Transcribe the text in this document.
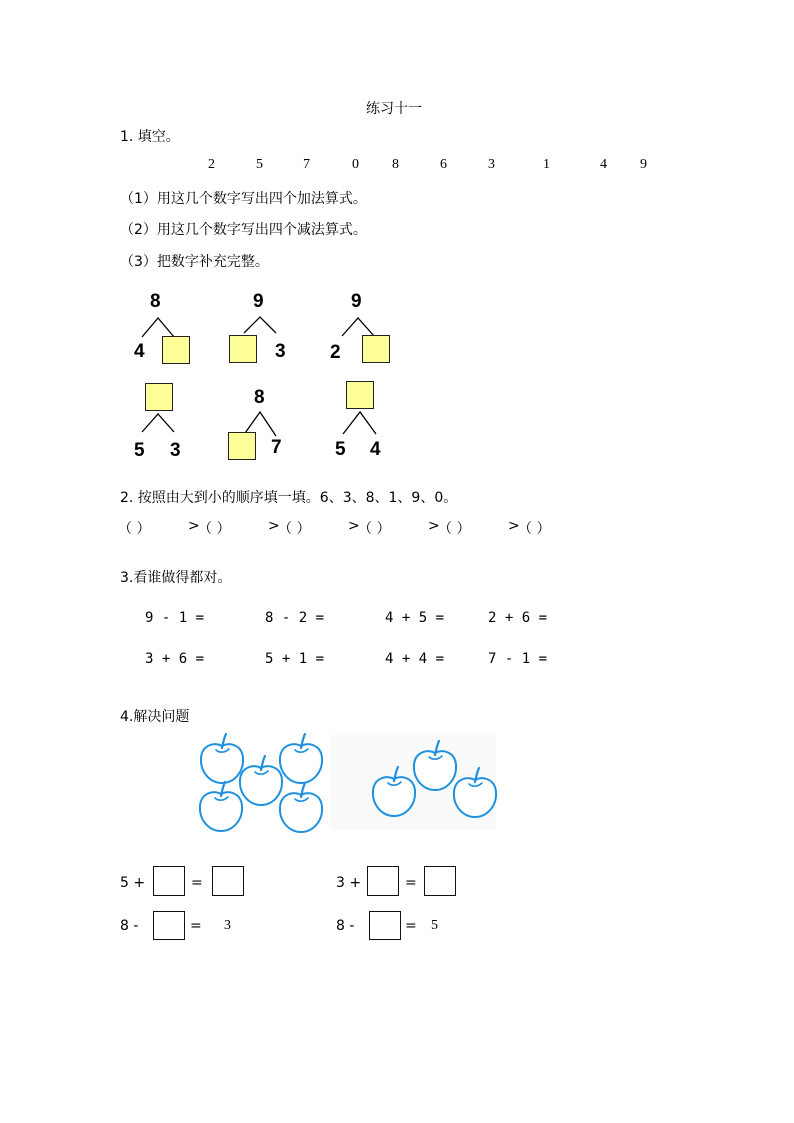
练习十一
1. 填空。
2	5	7	0 8	6	3	1	4 9
（1）用这几个数字写出四个加法算式。
（2）用这几个数字写出四个减法算式。
（3）把数字补充完整。
8
4
9
3
9
2
5 3
8
7	5 4
2. 按照由大到小的顺序填一填。6、3、8、1、9、0。
（ ）	>
（ ）	>
（ ）	>
（ ）	>
（ ）	>
（ ）
3.看谁做得都对。
9 - 1 =	8 - 2 =	4 + 5 =	2 + 6 =
3 + 6 =	5 + 1 =	4 + 4 =	7 - 1 =
4.解决问题
5 +	=	3 +	=
8 -	= 3	8 -	= 5
